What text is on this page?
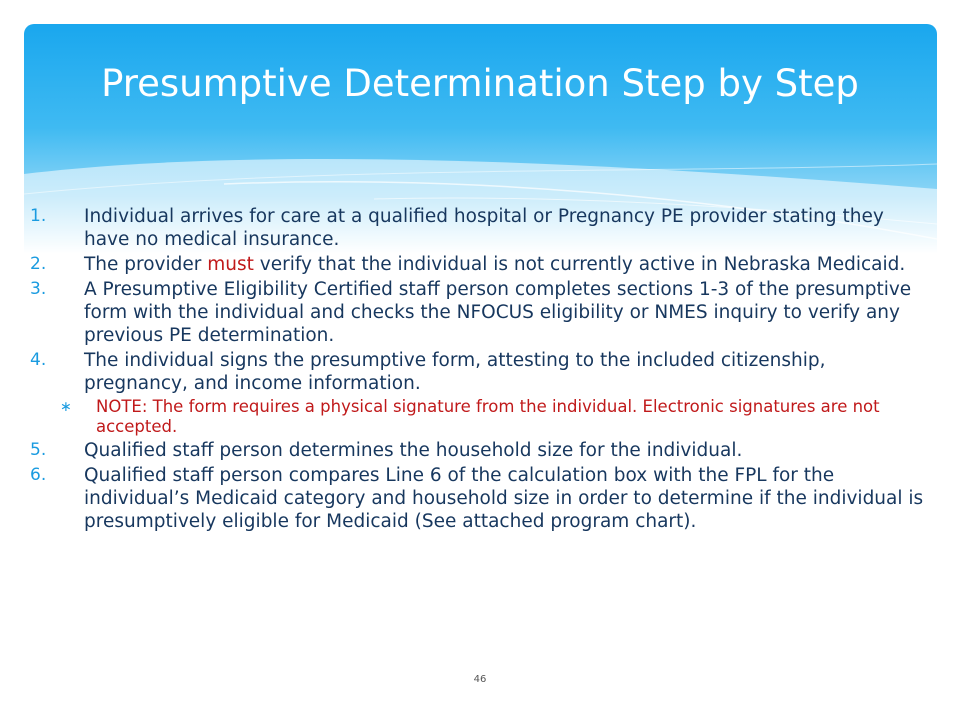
Presumptive Determination Step by Step
1. Individual arrives for care at a qualified hospital or Pregnancy PE provider stating they have no medical insurance.
2. The provider must verify that the individual is not currently active in Nebraska Medicaid.
3. A Presumptive Eligibility Certified staff person completes sections 1-3 of the presumptive form with the individual and checks the NFOCUS eligibility or NMES inquiry to verify any previous PE determination.
4. The individual signs the presumptive form, attesting to the included citizenship, pregnancy, and income information.
∗ NOTE: The form requires a physical signature from the individual. Electronic signatures are not accepted.
5. Qualified staff person determines the household size for the individual.
6. Qualified staff person compares Line 6 of the calculation box with the FPL for the individual’s Medicaid category and household size in order to determine if the individual is presumptively eligible for Medicaid (See attached program chart).
46
